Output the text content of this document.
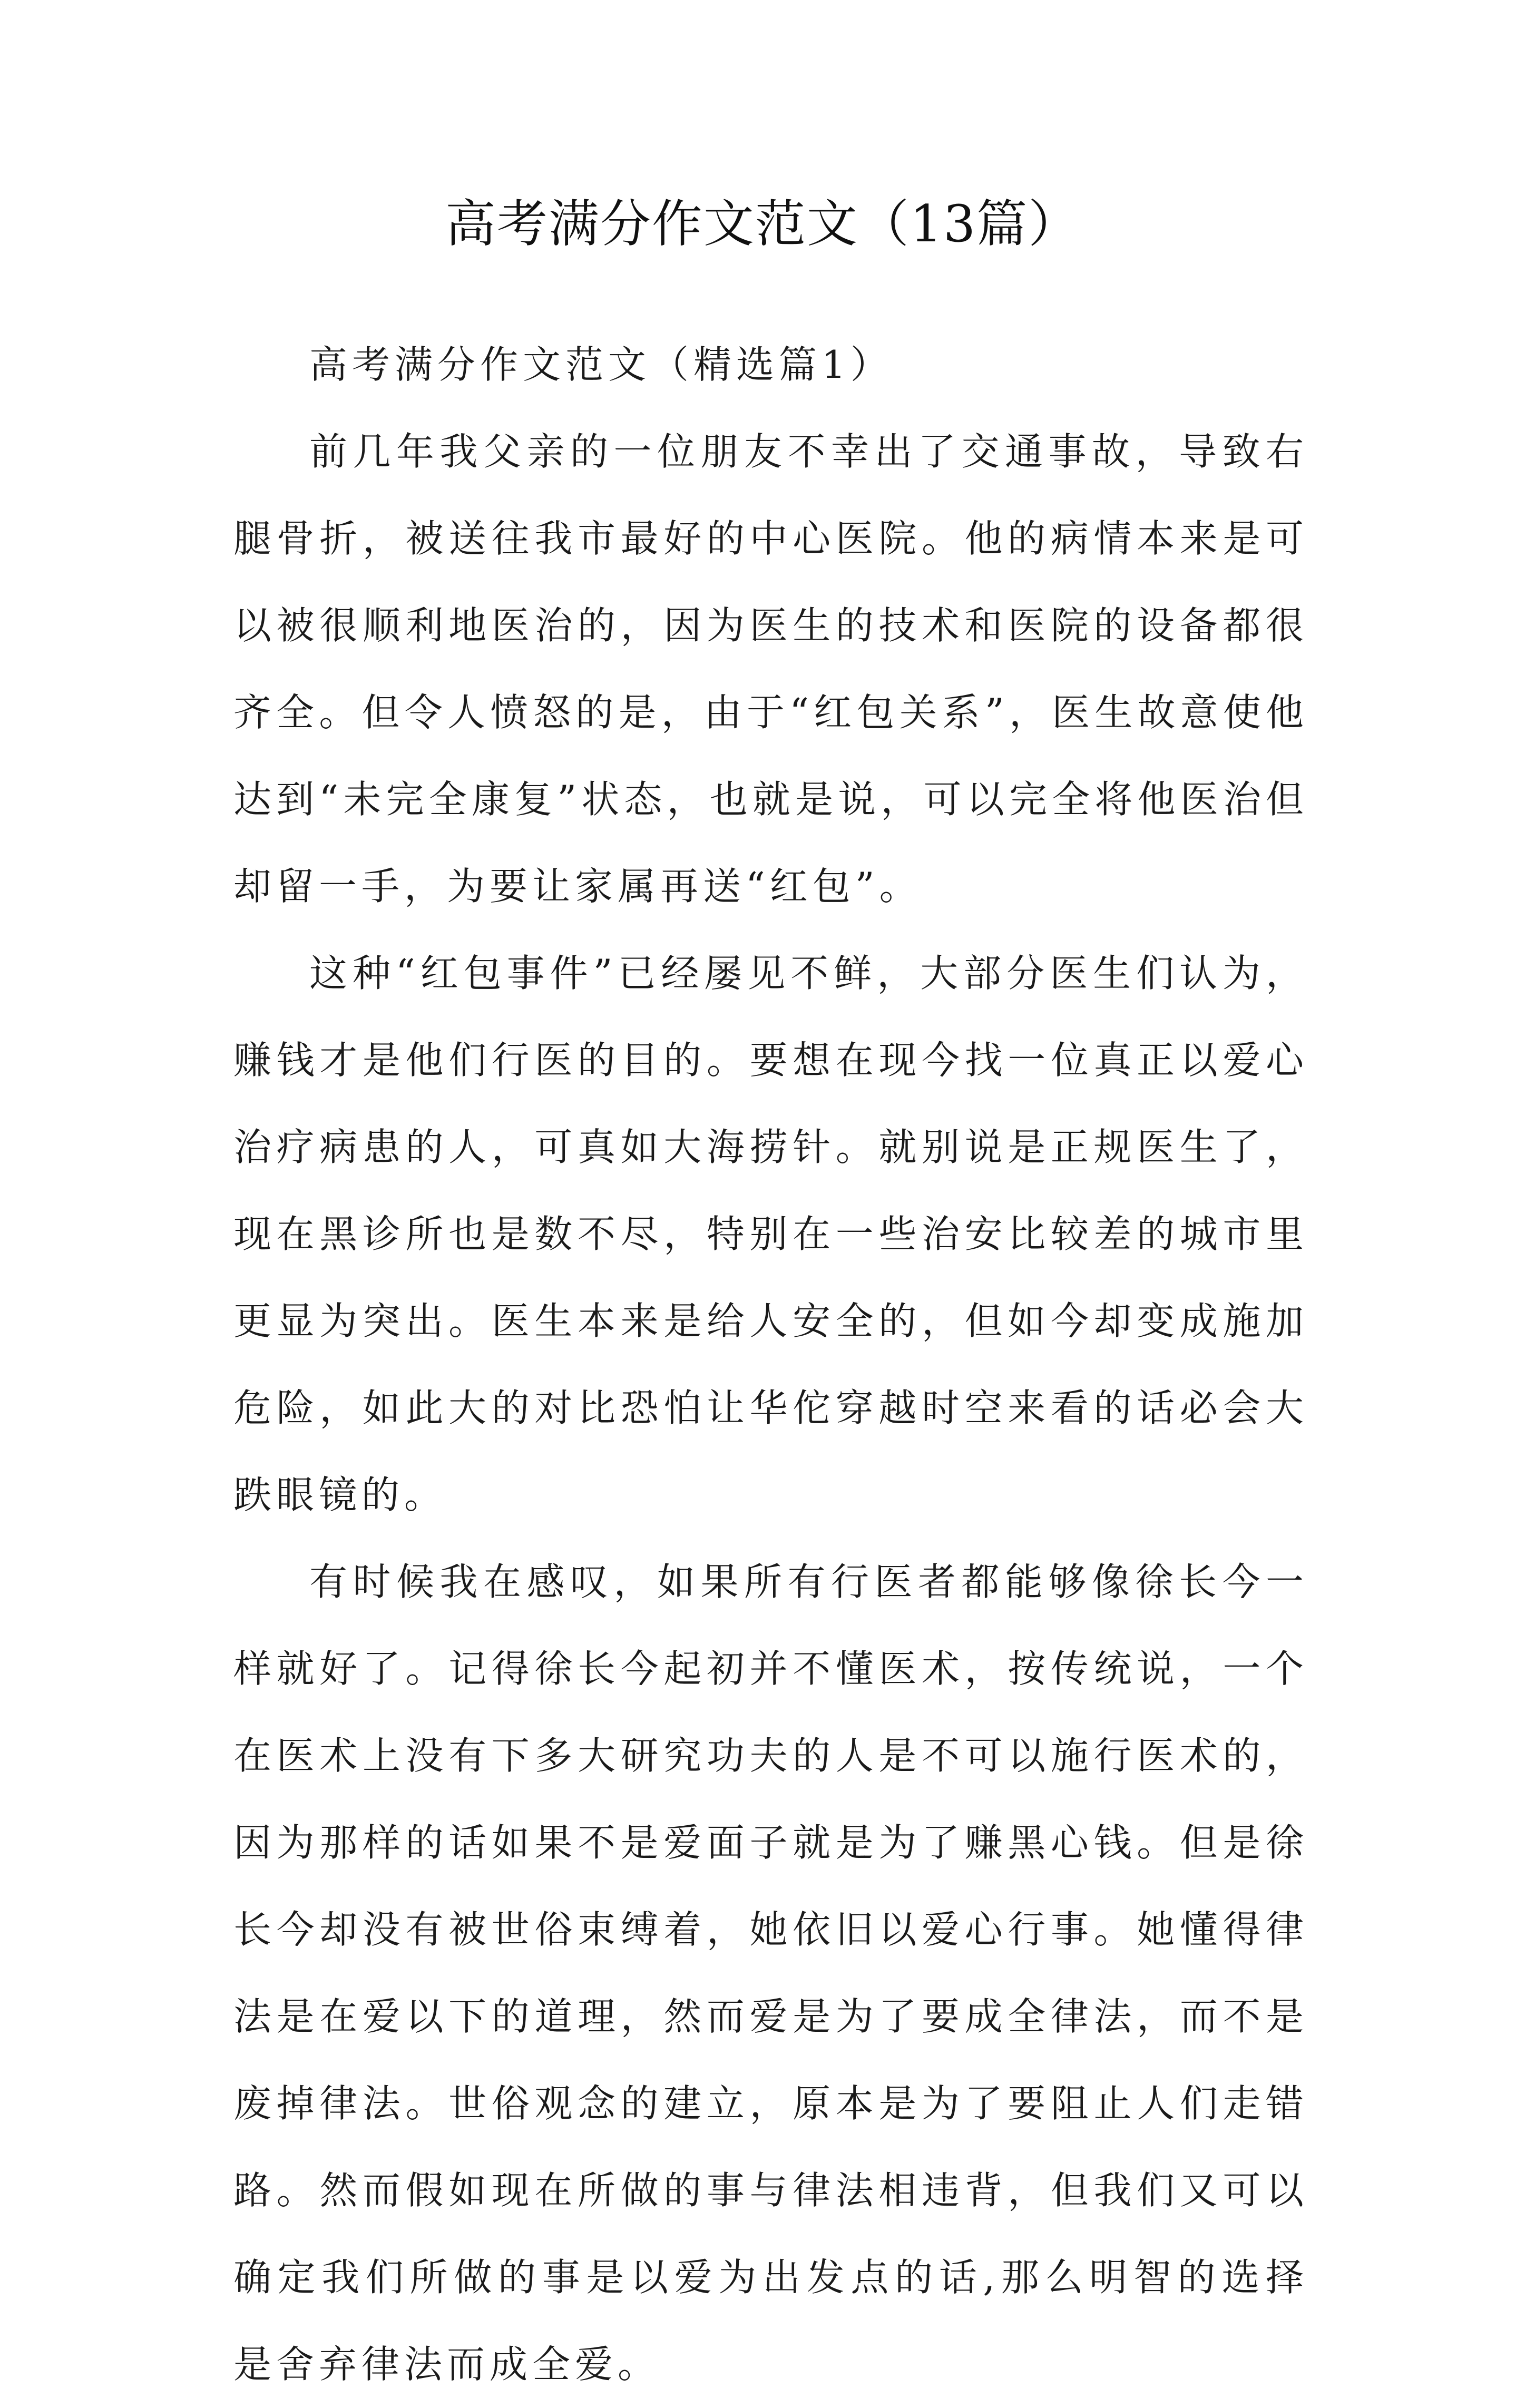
高考满分作文范文（13篇）

高考满分作文范文（精选篇1）

前几年我父亲的一位朋友不幸出了交通事故，导致右腿骨折，被送往我市最好的中心医院。他的病情本来是可以被很顺利地医治的，因为医生的技术和医院的设备都很齐全。但令人愤怒的是，由于“红包关系”，医生故意使他达到“未完全康复”状态，也就是说，可以完全将他医治但却留一手，为要让家属再送“红包”。

这种“红包事件”已经屡见不鲜，大部分医生们认为，赚钱才是他们行医的目的。要想在现今找一位真正以爱心治疗病患的人，可真如大海捞针。就别说是正规医生了，现在黑诊所也是数不尽，特别在一些治安比较差的城市里更显为突出。医生本来是给人安全的，但如今却变成施加危险，如此大的对比恐怕让华佗穿越时空来看的话必会大跌眼镜的。

有时候我在感叹，如果所有行医者都能够像徐长今一样就好了。记得徐长今起初并不懂医术，按传统说，一个在医术上没有下多大研究功夫的人是不可以施行医术的，因为那样的话如果不是爱面子就是为了赚黑心钱。但是徐长今却没有被世俗束缚着，她依旧以爱心行事。她懂得律法是在爱以下的道理，然而爱是为了要成全律法，而不是废掉律法。世俗观念的建立，原本是为了要阻止人们走错路。然而假如现在所做的事与律法相违背，但我们又可以确定我们所做的事是以爱为出发点的话,那么明智的选择是舍弃律法而成全爱。
